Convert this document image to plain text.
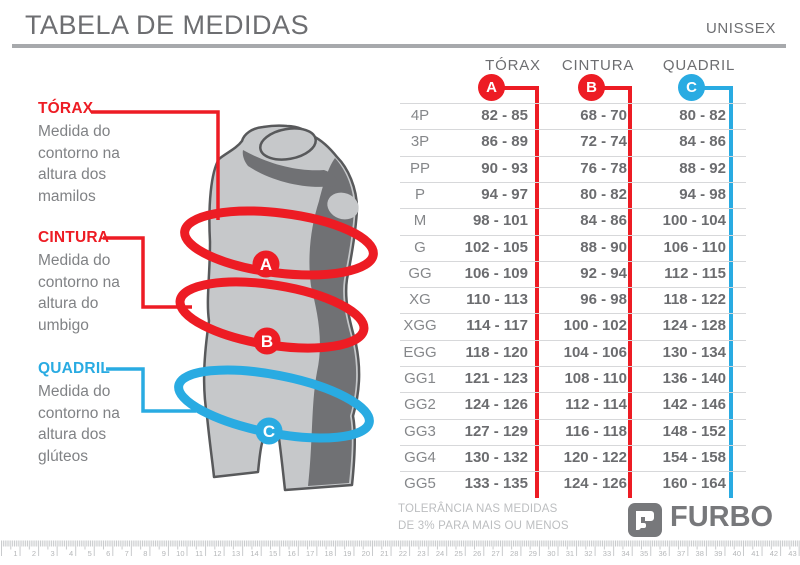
TABELA DE MEDIDAS	UNISSEX
A
B
C
TÓRAX
Medida do
contorno na
altura dos
mamilos
CINTURA
Medida do
contorno na
altura do
umbigo
QUADRIL
Medida do
contorno na
altura dos
glúteos
TÓRAX CINTURA QUADRIL
A	B	C
4P	82 - 85	68 - 70	80 - 82
3P	86 - 89	72 - 74	84 - 86
PP	90 - 93	76 - 78	88 - 92
P	94 - 97	80 - 82	94 - 98
M	98 - 101	84 - 86	100 - 104
G	102 - 105	88 - 90	106 - 110
GG	106 - 109	92 - 94	112 - 115
XG	110 - 113	96 - 98	118 - 122
XGG	114 - 117	100 - 102	124 - 128
EGG	118 - 120	104 - 106	130 - 134
GG1	121 - 123	108 - 110	136 - 140
GG2	124 - 126	112 - 114	142 - 146
GG3	127 - 129	116 - 118	148 - 152
GG4	130 - 132	120 - 122	154 - 158
GG5	133 - 135	124 - 126	160 - 164
TOLERÂNCIA NAS MEDIDAS
DE 3% PARA MAIS OU MENOS	FURBO
1 2 3 4 5 6 7 8 9 10 11 12 13 14 15 16 17 18 19 20 21 22 23 24 25 26 27 28 29 30 31 32 33 34 35 36 37 38 39 40 41 42 43
